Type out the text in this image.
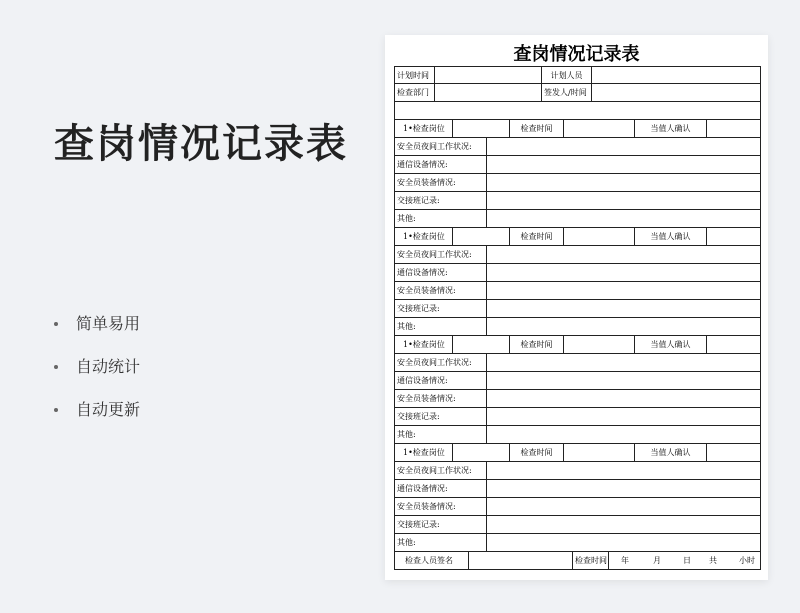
查岗情况记录表
简单易用
自动统计
自动更新
查岗情况记录表
计划时间	计划人员
检查部门	签发人/时间
1•检查岗位	检查时间	当值人确认
安全员夜间工作状况:
通信设备情况:
安全员装备情况:
交接班记录:
其他:
1•检查岗位	检查时间	当值人确认
安全员夜间工作状况:
通信设备情况:
安全员装备情况:
交接班记录:
其他:
1•检查岗位	检查时间	当值人确认
安全员夜间工作状况:
通信设备情况:
安全员装备情况:
交接班记录:
其他:
1•检查岗位	检查时间	当值人确认
安全员夜间工作状况:
通信设备情况:
安全员装备情况:
交接班记录:
其他:
检查人员签名	检查时间 年	月	日 共	小时
